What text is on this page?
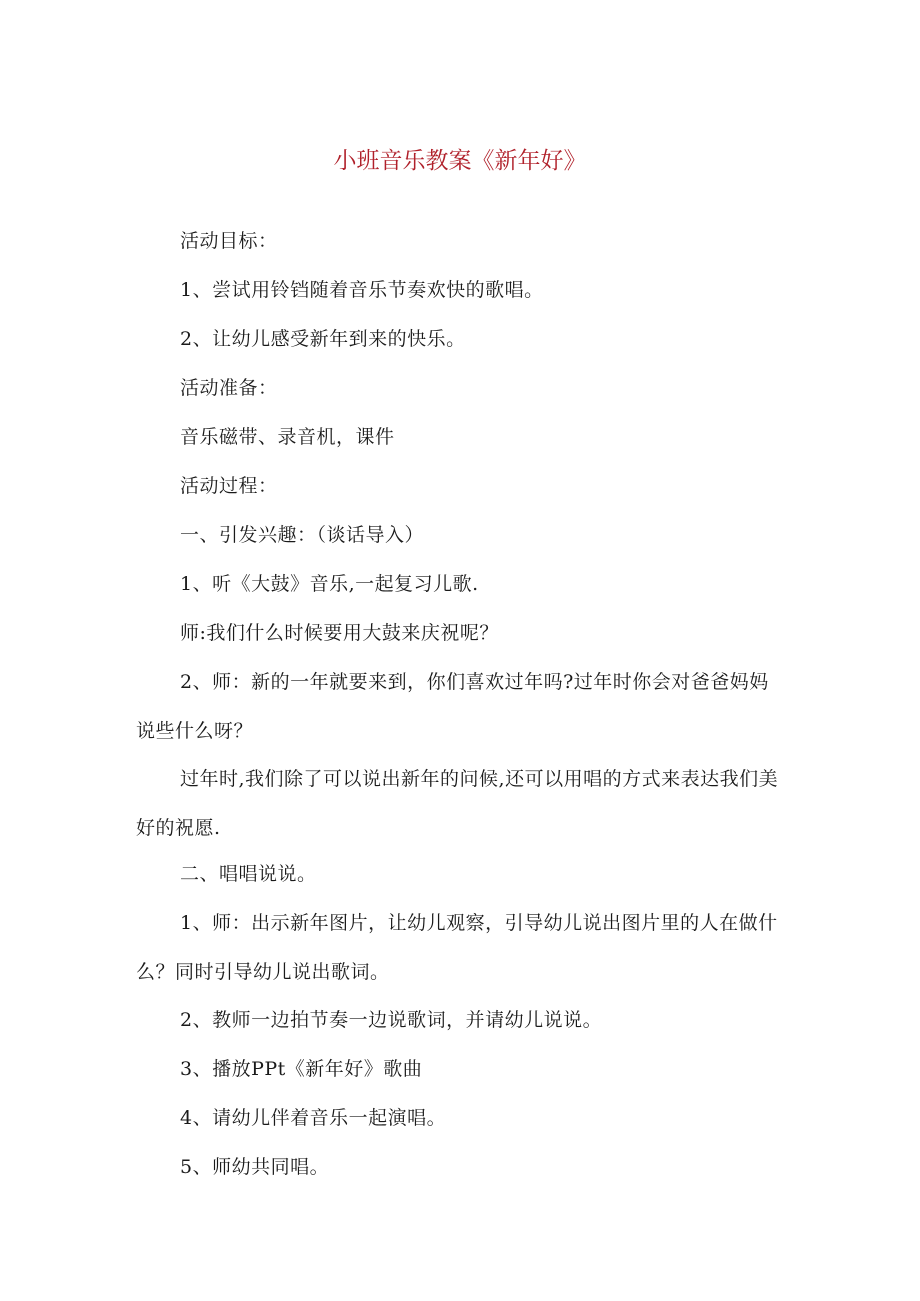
小班音乐教案《新年好》
活动目标：
1、尝试用铃铛随着音乐节奏欢快的歌唱。
2、让幼儿感受新年到来的快乐。
活动准备：
音乐磁带、录音机，课件
活动过程：
一、引发兴趣：（谈话导入）
1、听《大鼓》音乐,一起复习儿歌.
师:我们什么时候要用大鼓来庆祝呢？
2、师：新的一年就要来到，你们喜欢过年吗?过年时你会对爸爸妈妈说些什么呀？
过年时,我们除了可以说出新年的问候,还可以用唱的方式来表达我们美好的祝愿.
二、唱唱说说。
1、师：出示新年图片，让幼儿观察，引导幼儿说出图片里的人在做什么？同时引导幼儿说出歌词。
2、教师一边拍节奏一边说歌词，并请幼儿说说。
3、播放PPt《新年好》歌曲
4、请幼儿伴着音乐一起演唱。
5、师幼共同唱。
